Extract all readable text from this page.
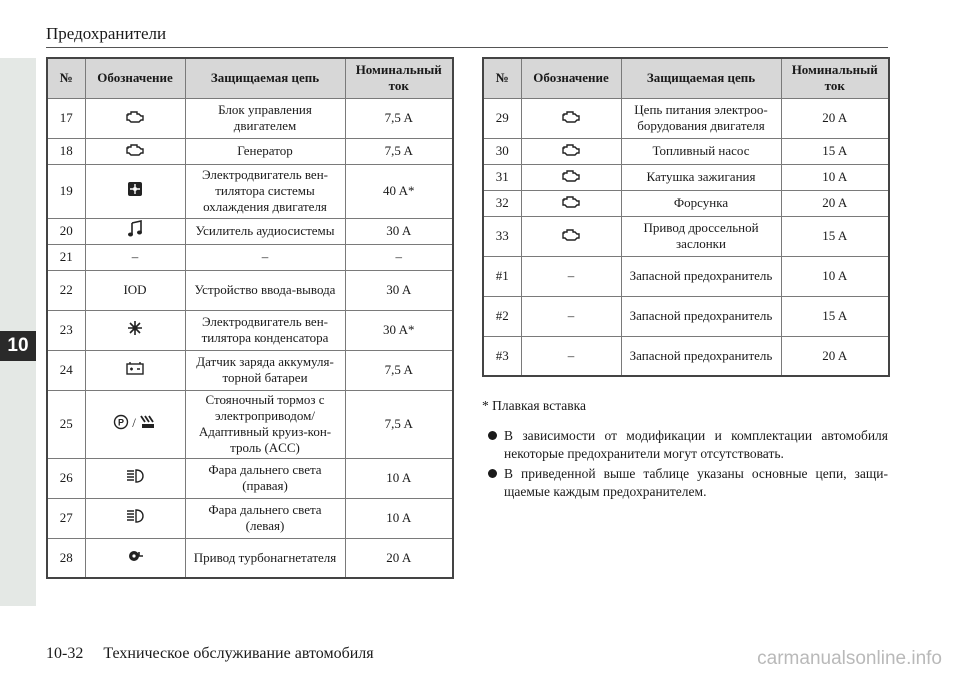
10
Предохранители
№	Обозначение	Защищаемая цепь	Номинальный ток
17		Блок управления двигателем	7,5 A
18		Генератор	7,5 A
19		Электродвигатель вен-тилятора системы охлаждения двигателя	40 A*
20		Усилитель аудиосистемы	30 A
21	–	–	–
22	IOD	Устройство ввода-вывода	30 A
23		Электродвигатель вен-тилятора конденсатора	30 A*
24		Датчик заряда аккумуля-торной батареи	7,5 A
25	P /	Стояночный тормоз с электроприводом/ Адаптивный круиз-кон-троль (ACC)	7,5 A
26		Фара дальнего света (правая)	10 A
27		Фара дальнего света (левая)	10 A
28		Привод турбонагнетателя	20 A
№	Обозначение	Защищаемая цепь	Номинальный ток
29		Цепь питания электроо-борудования двигателя	20 A
30		Топливный насос	15 A
31		Катушка зажигания	10 A
32		Форсунка	20 A
33		Привод дроссельной заслонки	15 A
#1	–	Запасной предохранитель	10 A
#2	–	Запасной предохранитель	15 A
#3	–	Запасной предохранитель	20 A
* Плавкая вставка
В зависимости от модификации и комплектации автомобиля некоторые предохранители могут отсутствовать.
В приведенной выше таблице указаны основные цепи, защи-щаемые каждым предохранителем.
10-32 Техническое обслуживание автомобиля	carmanualsonline.info
